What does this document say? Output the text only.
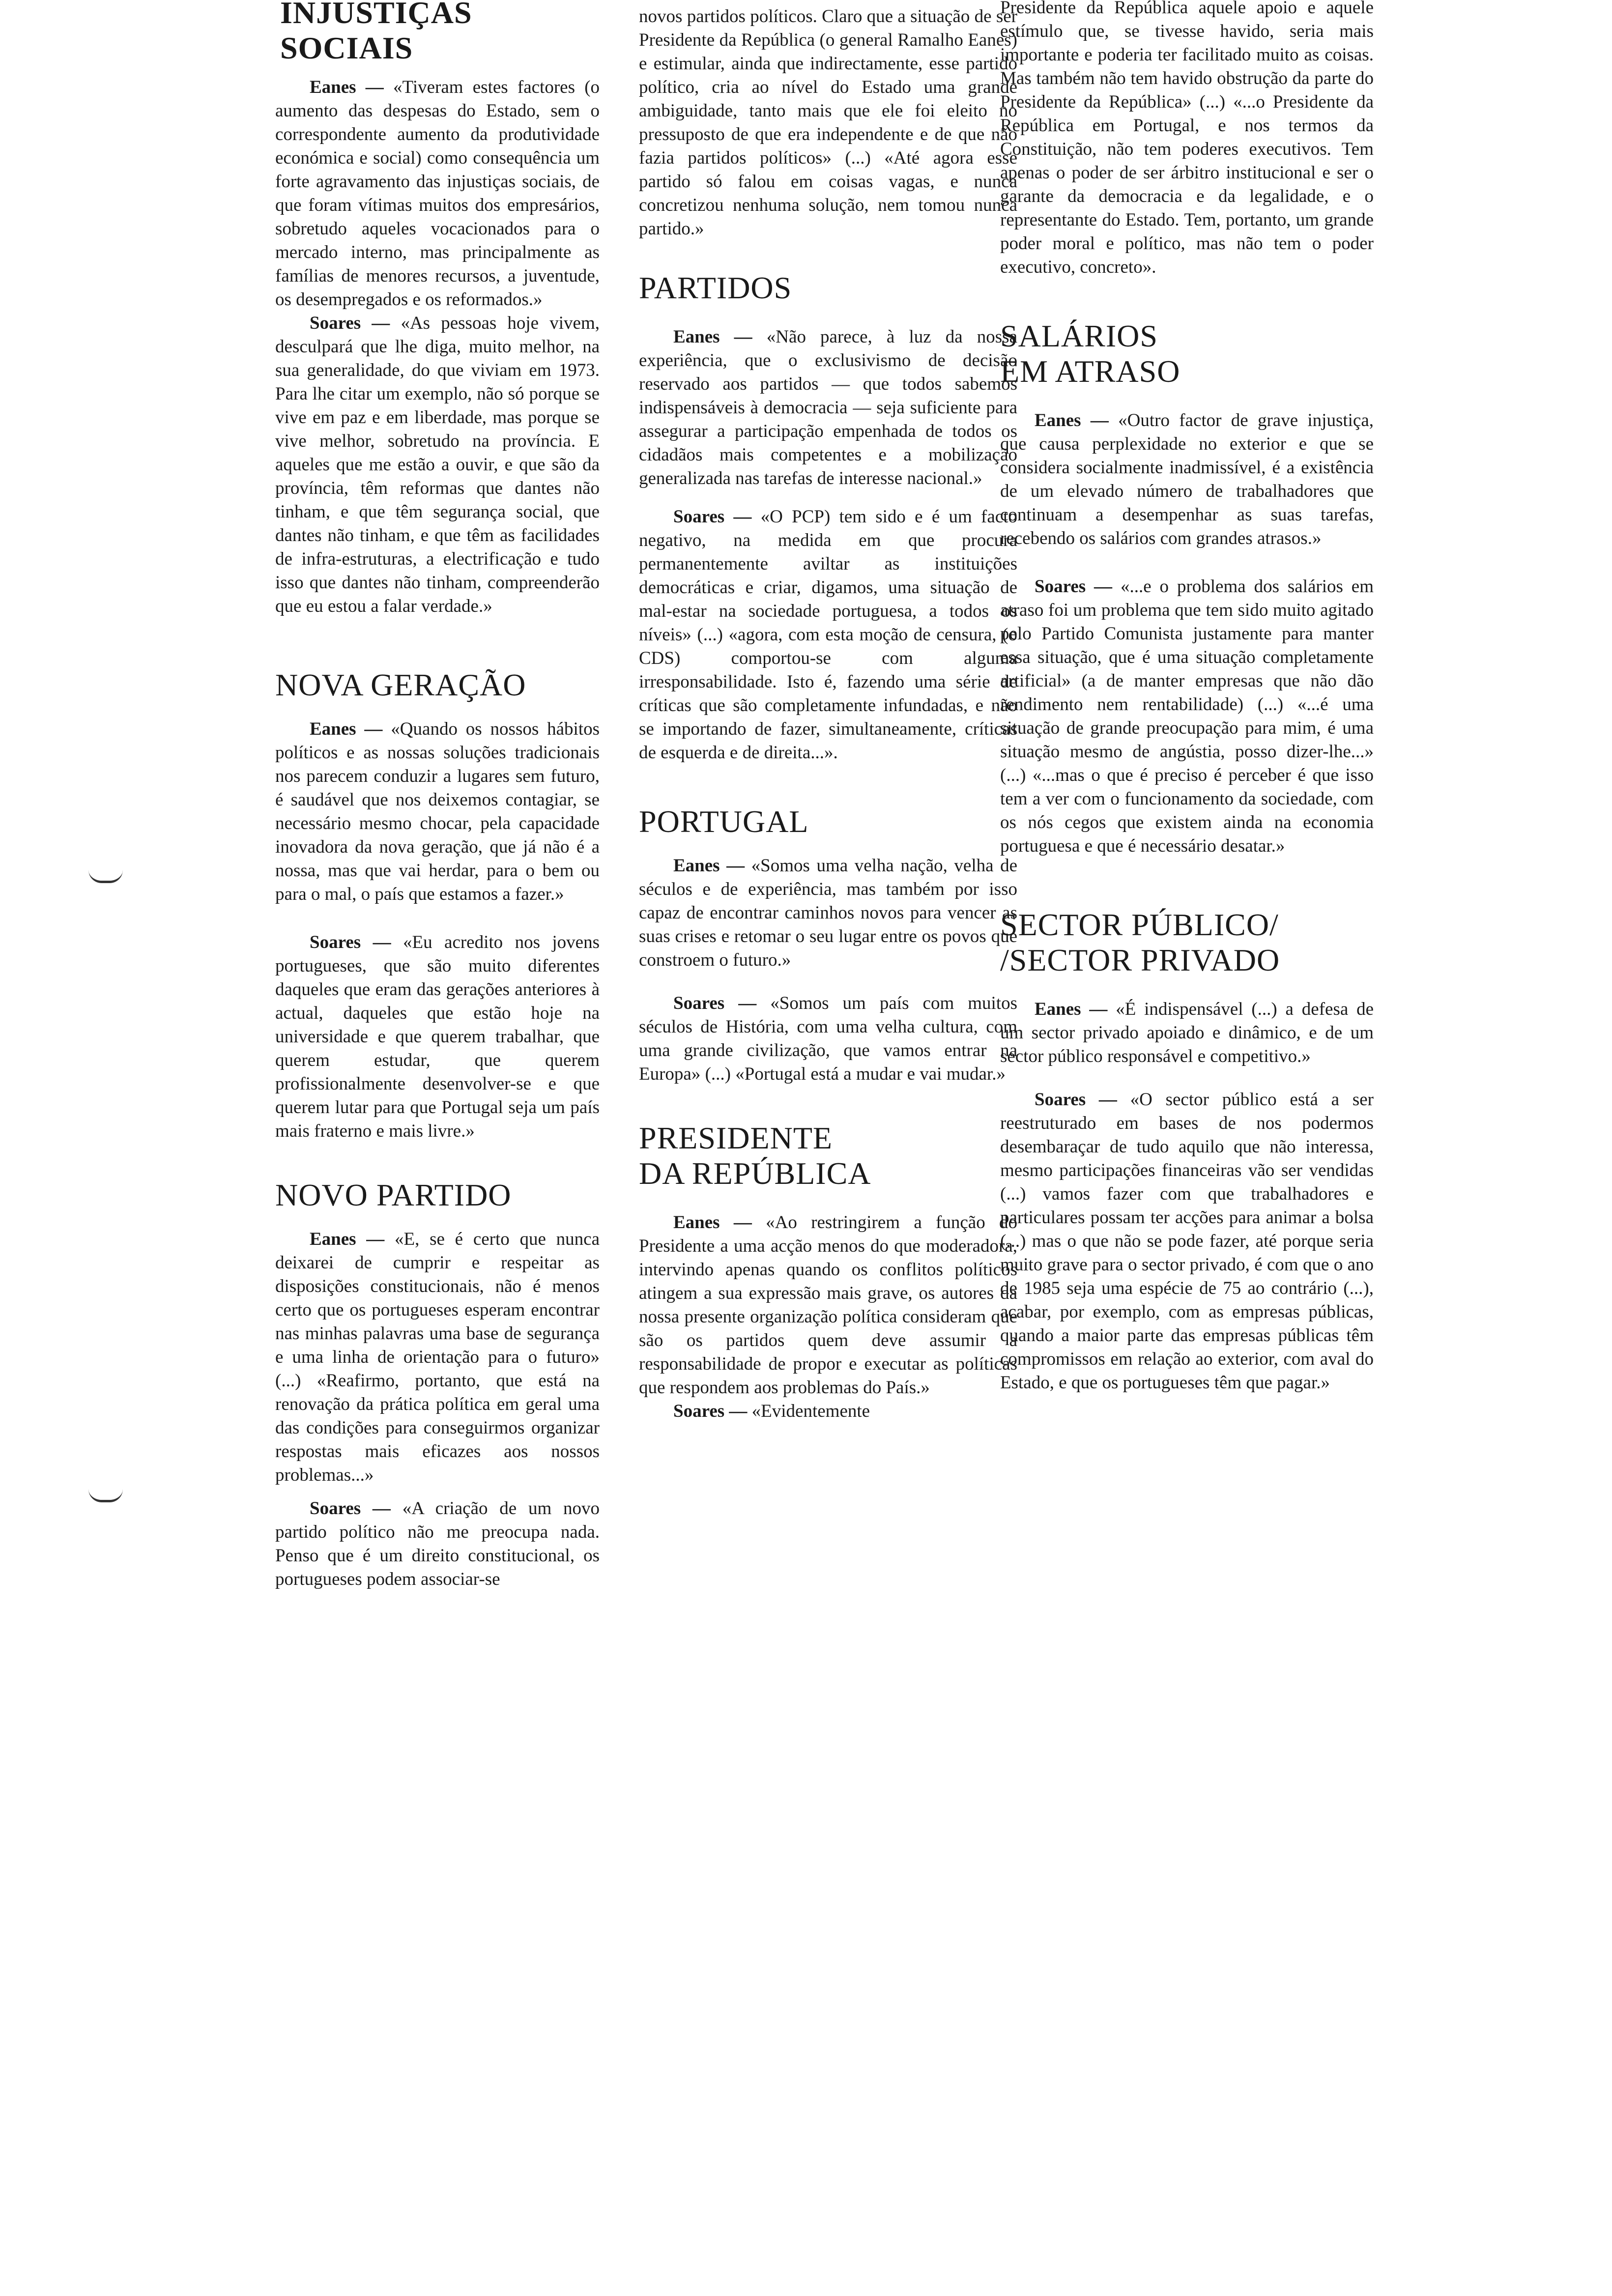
INJUSTIÇAS
SOCIAIS

Eanes — «Tiveram estes factores (o aumento das despesas do Estado, sem o correspondente aumento da produtividade económica e social) como consequência um forte agravamento das injustiças sociais, de que foram vítimas muitos dos empresários, sobretudo aqueles vocacionados para o mercado interno, mas principalmente as famílias de menores recursos, a juventude, os desempregados e os reformados.»

Soares — «As pessoas hoje vivem, desculpará que lhe diga, muito melhor, na sua generalidade, do que viviam em 1973. Para lhe citar um exemplo, não só porque se vive em paz e em liberdade, mas porque se vive melhor, sobretudo na província. E aqueles que me estão a ouvir, e que são da província, têm reformas que dantes não tinham, e que têm segurança social, que dantes não tinham, e que têm as facilidades de infra-estruturas, a electrificação e tudo isso que dantes não tinham, compreenderão que eu estou a falar verdade.»

NOVA GERAÇÃO

Eanes — «Quando os nossos hábitos políticos e as nossas soluções tradicionais nos parecem conduzir a lugares sem futuro, é saudável que nos deixemos contagiar, se necessário mesmo chocar, pela capacidade inovadora da nova geração, que já não é a nossa, mas que vai herdar, para o bem ou para o mal, o país que estamos a fazer.»

Soares — «Eu acredito nos jovens portugueses, que são muito diferentes daqueles que eram das gerações anteriores à actual, daqueles que estão hoje na universidade e que querem trabalhar, que querem estudar, que querem profissionalmente desenvolver-se e que querem lutar para que Portugal seja um país mais fraterno e mais livre.»

NOVO PARTIDO

Eanes — «E, se é certo que nunca deixarei de cumprir e respeitar as disposições constitucionais, não é menos certo que os portugueses esperam encontrar nas minhas palavras uma base de segurança e uma linha de orientação para o futuro» (...) «Reafirmo, portanto, que está na renovação da prática política em geral uma das condições para conseguirmos organizar respostas mais eficazes aos nossos problemas...»

Soares — «A criação de um novo partido político não me preocupa nada. Penso que é um direito constitucional, os portugueses podem associar-se

novos partidos políticos. Claro que a situação de ser Presidente da República (o general Ramalho Eanes) e estimular, ainda que indirectamente, esse partido político, cria ao nível do Estado uma grande ambiguidade, tanto mais que ele foi eleito no pressuposto de que era independente e de que não fazia partidos políticos» (...) «Até agora esse partido só falou em coisas vagas, e nunca concretizou nenhuma solução, nem tomou nunca partido.»

PARTIDOS

Eanes — «Não parece, à luz da nossa experiência, que o exclusivismo de decisão reservado aos partidos — que todos sabemos indispensáveis à democracia — seja suficiente para assegurar a participação empenhada de todos os cidadãos mais competentes e a mobilização generalizada nas tarefas de interesse nacional.»

Soares — «O PCP) tem sido e é um facto negativo, na medida em que procura permanentemente aviltar as instituições democráticas e criar, digamos, uma situação de mal-estar na sociedade portuguesa, a todos os níveis» (...) «agora, com esta moção de censura, (o CDS) comportou-se com alguma irresponsabilidade. Isto é, fazendo uma série de críticas que são completamente infundadas, e não se importando de fazer, simultaneamente, críticas de esquerda e de direita...».

PORTUGAL

Eanes — «Somos uma velha nação, velha de séculos e de experiência, mas também por isso capaz de encontrar caminhos novos para vencer as suas crises e retomar o seu lugar entre os povos que constroem o futuro.»

Soares — «Somos um país com muitos séculos de História, com uma velha cultura, com uma grande civilização, que vamos entrar na Europa» (...) «Portugal está a mudar e vai mudar.»

PRESIDENTE
DA REPÚBLICA

Eanes — «Ao restringirem a função do Presidente a uma acção menos do que moderadora, intervindo apenas quando os conflitos políticos atingem a sua expressão mais grave, os autores da nossa presente organização política consideram que são os partidos quem deve assumir a responsabilidade de propor e executar as políticas que respondem aos problemas do País.»

Soares — «Evidentemente

Presidente da República aquele apoio e aquele estímulo que, se tivesse havido, seria mais importante e poderia ter facilitado muito as coisas. Mas também não tem havido obstrução da parte do Presidente da República» (...) «...o Presidente da República em Portugal, e nos termos da Constituição, não tem poderes executivos. Tem apenas o poder de ser árbitro institucional e ser o garante da democracia e da legalidade, e o representante do Estado. Tem, portanto, um grande poder moral e político, mas não tem o poder executivo, concreto».

SALÁRIOS
EM ATRASO

Eanes — «Outro factor de grave injustiça, que causa perplexidade no exterior e que se considera socialmente inadmissível, é a existência de um elevado número de trabalhadores que continuam a desempenhar as suas tarefas, recebendo os salários com grandes atrasos.»

Soares — «...e o problema dos salários em atraso foi um problema que tem sido muito agitado pelo Partido Comunista justamente para manter essa situação, que é uma situação completamente artificial» (a de manter empresas que não dão rendimento nem rentabilidade) (...) «...é uma situação de grande preocupação para mim, é uma situação mesmo de angústia, posso dizer-lhe...» (...) «...mas o que é preciso é perceber é que isso tem a ver com o funcionamento da sociedade, com os nós cegos que existem ainda na economia portuguesa e que é necessário desatar.»

SECTOR PÚBLICO/
/SECTOR PRIVADO

Eanes — «É indispensável (...) a defesa de um sector privado apoiado e dinâmico, e de um sector público responsável e competitivo.»

Soares — «O sector público está a ser reestruturado em bases de nos podermos desembaraçar de tudo aquilo que não interessa, mesmo participações financeiras vão ser vendidas (...) vamos fazer com que trabalhadores e particulares possam ter acções para animar a bolsa (...) mas o que não se pode fazer, até porque seria muito grave para o sector privado, é com que o ano de 1985 seja uma espécie de 75 ao contrário (...), acabar, por exemplo, com as empresas públicas, quando a maior parte das empresas públicas têm compromissos em relação ao exterior, com aval do Estado, e que os portugueses têm que pagar.»
